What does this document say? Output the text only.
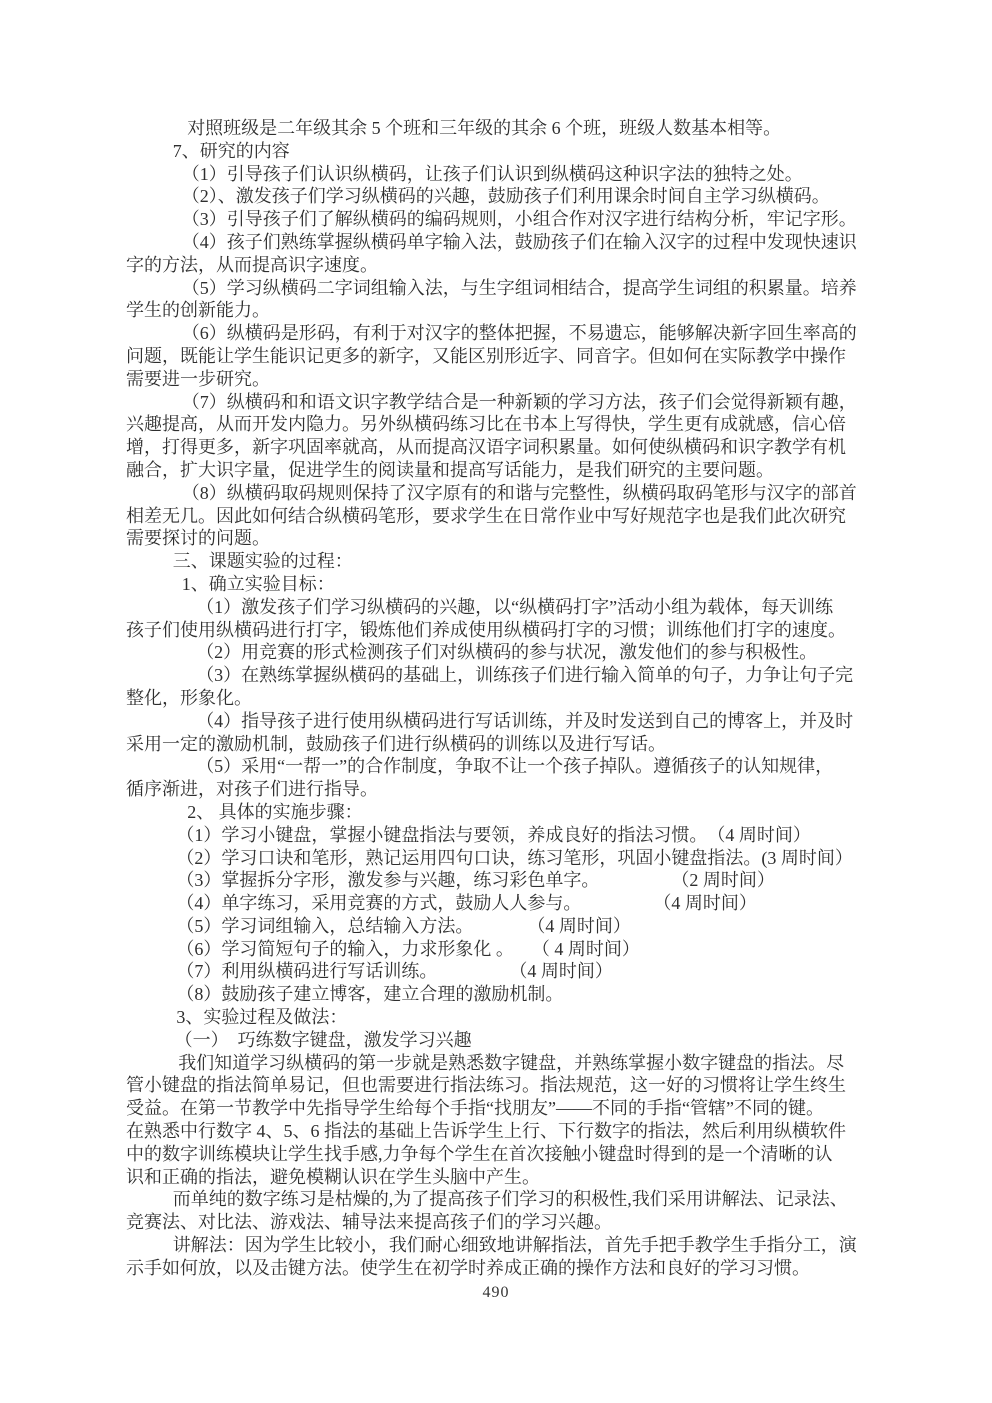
对照班级是二年级其余 5 个班和三年级的其余 6 个班，班级人数基本相等。
7、研究的内容
（1）引导孩子们认识纵横码，让孩子们认识到纵横码这种识字法的独特之处。
（2）、激发孩子们学习纵横码的兴趣，鼓励孩子们利用课余时间自主学习纵横码。
（3）引导孩子们了解纵横码的编码规则，小组合作对汉字进行结构分析，牢记字形。
（4）孩子们熟练掌握纵横码单字输入法，鼓励孩子们在输入汉字的过程中发现快速识
字的方法，从而提高识字速度。
（5）学习纵横码二字词组输入法，与生字组词相结合，提高学生词组的积累量。培养
学生的创新能力。
（6）纵横码是形码，有利于对汉字的整体把握，不易遗忘，能够解决新字回生率高的
问题，既能让学生能识记更多的新字，又能区别形近字、同音字。但如何在实际教学中操作
需要进一步研究。
（7）纵横码和和语文识字教学结合是一种新颖的学习方法，孩子们会觉得新颖有趣，
兴趣提高，从而开发内隐力。另外纵横码练习比在书本上写得快，学生更有成就感，信心倍
增，打得更多，新字巩固率就高，从而提高汉语字词积累量。如何使纵横码和识字教学有机
融合，扩大识字量，促进学生的阅读量和提高写话能力，是我们研究的主要问题。
（8）纵横码取码规则保持了汉字原有的和谐与完整性，纵横码取码笔形与汉字的部首
相差无几。因此如何结合纵横码笔形，要求学生在日常作业中写好规范字也是我们此次研究
需要探讨的问题。
三、课题实验的过程：
1、确立实验目标：
（1）激发孩子们学习纵横码的兴趣，以“纵横码打字”活动小组为载体，每天训练
孩子们使用纵横码进行打字，锻炼他们养成使用纵横码打字的习惯；训练他们打字的速度。
（2）用竞赛的形式检测孩子们对纵横码的参与状况，激发他们的参与积极性。
（3）在熟练掌握纵横码的基础上，训练孩子们进行输入简单的句子，力争让句子完
整化，形象化。
（4）指导孩子进行使用纵横码进行写话训练，并及时发送到自己的博客上，并及时
采用一定的激励机制，鼓励孩子们进行纵横码的训练以及进行写话。
（5）采用“一帮一”的合作制度，争取不让一个孩子掉队。遵循孩子的认知规律，
循序渐进，对孩子们进行指导。
2、 具体的实施步骤：
（1）学习小键盘，掌握小键盘指法与要领，养成良好的指法习惯。　（4 周时间）
（2）学习口诀和笔形，熟记运用四句口诀，练习笔形，巩固小键盘指法。(3 周时间）
（3）掌握拆分字形，激发参与兴趣，练习彩色单字。　　　　　（2 周时间）
（4）单字练习，采用竞赛的方式，鼓励人人参与。　　　　　（4 周时间）
（5）学习词组输入，总结输入方法。　　　　（4 周时间）
（6）学习简短句子的输入，力求形象化 。　　（ 4 周时间）
（7）利用纵横码进行写话训练。　　　　　（4 周时间）
（8）鼓励孩子建立博客，建立合理的激励机制。
3、实验过程及做法：
（一）　巧练数字键盘，激发学习兴趣
我们知道学习纵横码的第一步就是熟悉数字键盘，并熟练掌握小数字键盘的指法。尽
管小键盘的指法简单易记，但也需要进行指法练习。指法规范，这一好的习惯将让学生终生
受益。在第一节教学中先指导学生给每个手指“找朋友”——不同的手指“管辖”不同的键。
在熟悉中行数字 4、5、6 指法的基础上告诉学生上行、下行数字的指法，然后利用纵横软件
中的数字训练模块让学生找手感,力争每个学生在首次接触小键盘时得到的是一个清晰的认
识和正确的指法，避免模糊认识在学生头脑中产生。
而单纯的数字练习是枯燥的,为了提高孩子们学习的积极性,我们采用讲解法、记录法、
竞赛法、对比法、游戏法、辅导法来提高孩子们的学习兴趣。
讲解法：因为学生比较小，我们耐心细致地讲解指法，首先手把手教学生手指分工，演
示手如何放，以及击键方法。使学生在初学时养成正确的操作方法和良好的学习习惯。
490
